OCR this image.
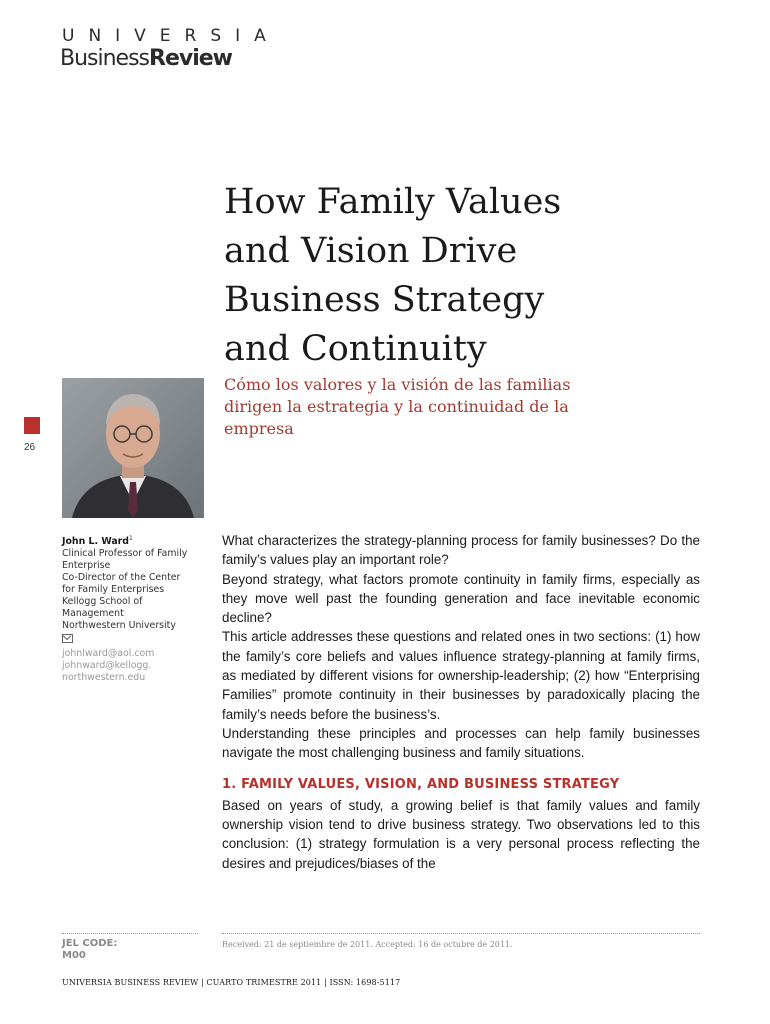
UNIVERSIA
BusinessReview
How Family Values
and Vision Drive
Business Strategy
and Continuity

Cómo los valores y la visión de las familias
dirigen la estrategia y la continuidad de la
empresa

26
John L. Ward$^1$
Clinical Professor of Family
Enterprise
Co-Director of the Center
for Family Enterprises
Kellogg School of
Management
Northwestern University
johnlward@aol.com
johnward@kellogg.
northwestern.edu

What characterizes the strategy-planning process for family businesses? Do the family’s values play an important role?

Beyond strategy, what factors promote continuity in family firms, especially as they move well past the founding generation and face inevitable economic decline?

This article addresses these questions and related ones in two sections: (1) how the family’s core beliefs and values influence strategy-planning at family firms, as mediated by different visions for ownership-leadership; (2) how “Enterprising Families” promote continuity in their businesses by paradoxically placing the family’s needs before the business’s.

Understanding these principles and processes can help family businesses navigate the most challenging business and family situations.

1. FAMILY VALUES, VISION, AND BUSINESS STRATEGY

Based on years of study, a growing belief is that family values and family ownership vision tend to drive business strategy. Two observations led to this conclusion: (1) strategy formulation is a very personal process reflecting the desires and prejudices/biases of the

JEL CODE:
M00
Received: 21 de septiembre de 2011. Accepted: 16 de octubre de 2011.
UNIVERSIA BUSINESS REVIEW | CUARTO TRIMESTRE 2011 | ISSN: 1698-5117
